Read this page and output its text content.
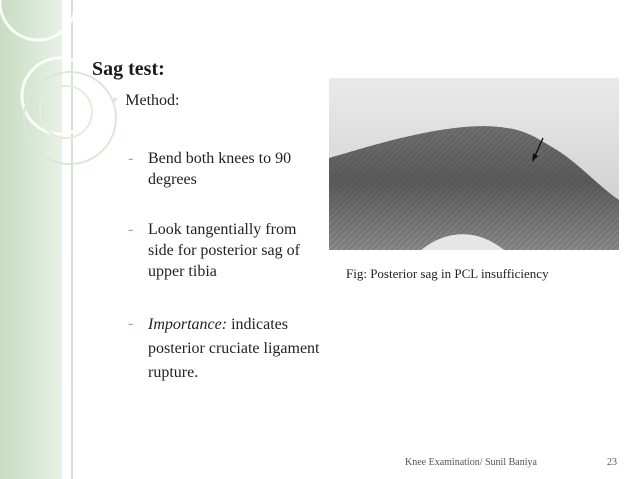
Sag test:
◦ Method:
- Bend both knees to 90 degrees
- Look tangentially from side for posterior sag of upper tibia
- Importance: indicates posterior cruciate ligament rupture.
Fig: Posterior sag in PCL insufficiency
Knee Examination/ Sunil Baniya	23
